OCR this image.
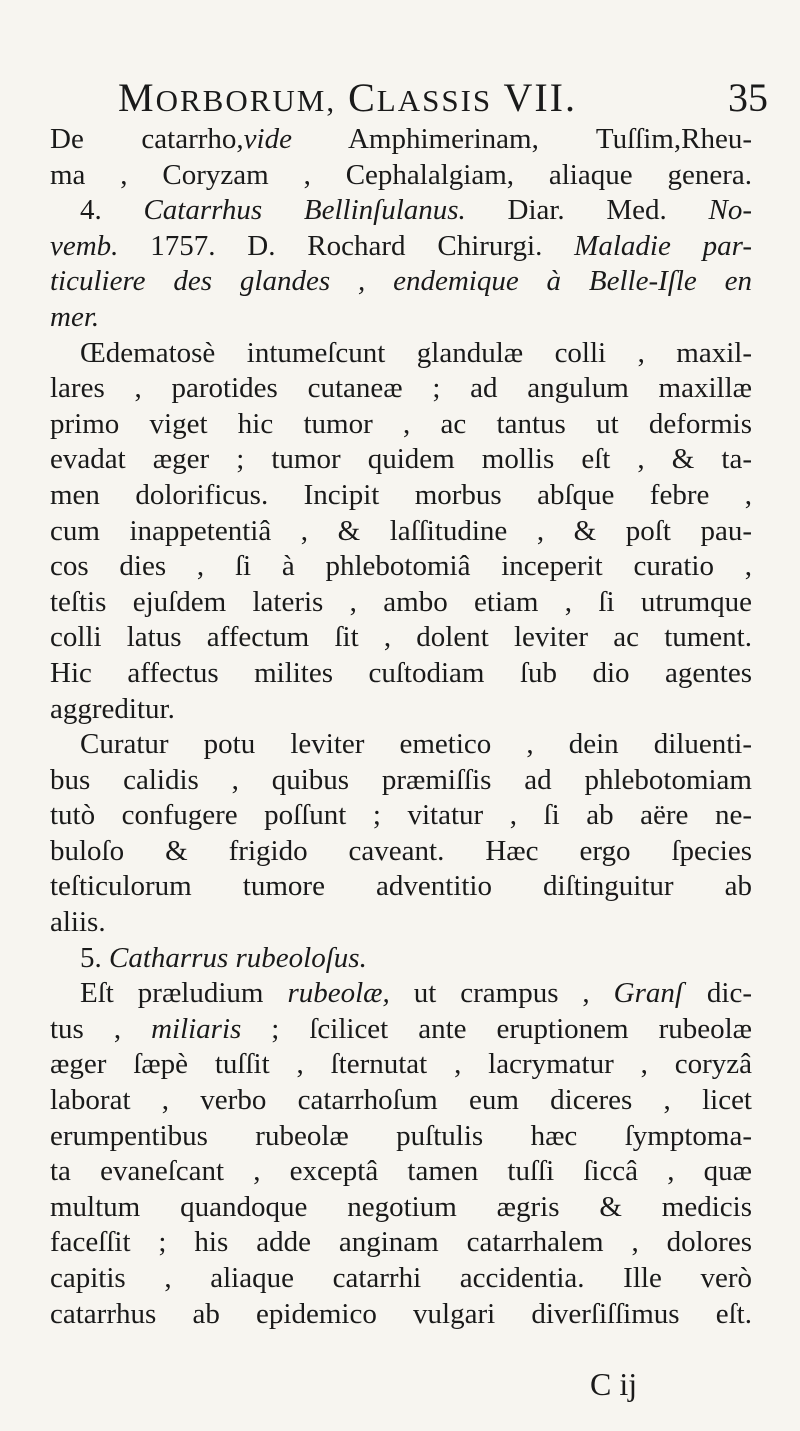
MORBORUM, CLASSIS VII.	35
De catarrho,vide Amphimerinam, Tuſſim,Rheu-
ma , Coryzam , Cephalalgiam, aliaque genera.
4. Catarrhus Bellinſulanus. Diar. Med. No-
vemb. 1757. D. Rochard Chirurgi. Maladie par-
ticuliere des glandes , endemique à Belle-Iſle en
mer.
Œdematosè intumeſcunt glandulæ colli , maxil-
lares , parotides cutaneæ ; ad angulum maxillæ
primo viget hic tumor , ac tantus ut deformis
evadat æger ; tumor quidem mollis eſt , & ta-
men dolorificus. Incipit morbus abſque febre ,
cum inappetentiâ , & laſſitudine , & poſt pau-
cos dies , ſi à phlebotomiâ inceperit curatio ,
teſtis ejuſdem lateris , ambo etiam , ſi utrumque
colli latus affectum ſit , dolent leviter ac tument.
Hic affectus milites cuſtodiam ſub dio agentes
aggreditur.
Curatur potu leviter emetico , dein diluenti-
bus calidis , quibus præmiſſis ad phlebotomiam
tutò confugere poſſunt ; vitatur , ſi ab aëre ne-
buloſo & frigido caveant. Hæc ergo ſpecies
teſticulorum tumore adventitio diſtinguitur ab
aliis.
5. Catharrus rubeoloſus.
Eſt præludium rubeolæ, ut crampus , Granſ dic-
tus , miliaris ; ſcilicet ante eruptionem rubeolæ
æger ſæpè tuſſit , ſternutat , lacrymatur , coryzâ
laborat , verbo catarrhoſum eum diceres , licet
erumpentibus rubeolæ puſtulis hæc ſymptoma-
ta evaneſcant , exceptâ tamen tuſſi ſiccâ , quæ
multum quandoque negotium ægris & medicis
faceſſit ; his adde anginam catarrhalem , dolores
capitis , aliaque catarrhi accidentia. Ille verò
catarrhus ab epidemico vulgari diverſiſſimus eſt.
C ij
